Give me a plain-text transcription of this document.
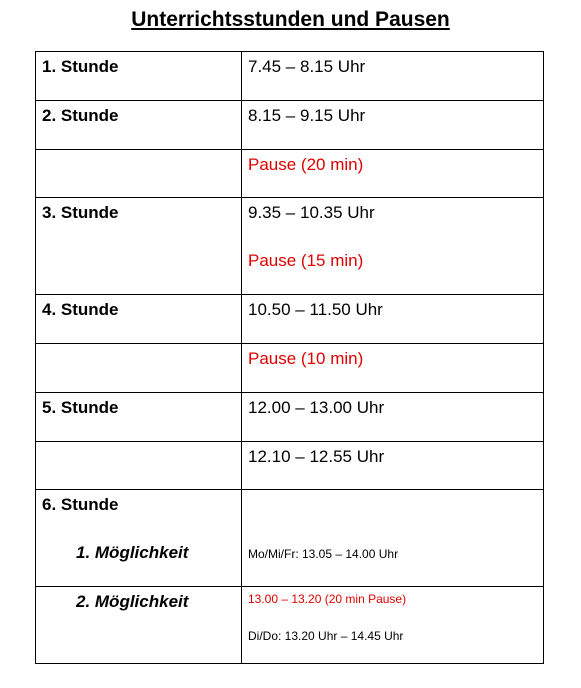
Unterrichtsstunden und Pausen
1. Stunde	7.45 – 8.15 Uhr

2. Stunde	8.15 – 9.15 Uhr

	Pause (20 min)

3. Stunde	9.35 – 10.35 Uhr
Pause (15 min)

4. Stunde	10.50 – 11.50 Uhr

	Pause (10 min)

5. Stunde	12.00 – 13.00 Uhr

	12.10 – 12.55 Uhr

6. Stunde
1. Möglichkeit	Mo/Mi/Fr: 13.05 – 14.00 Uhr

2. Möglichkeit	13.00 – 13.20 (20 min Pause)
Di/Do: 13.20 Uhr – 14.45 Uhr
